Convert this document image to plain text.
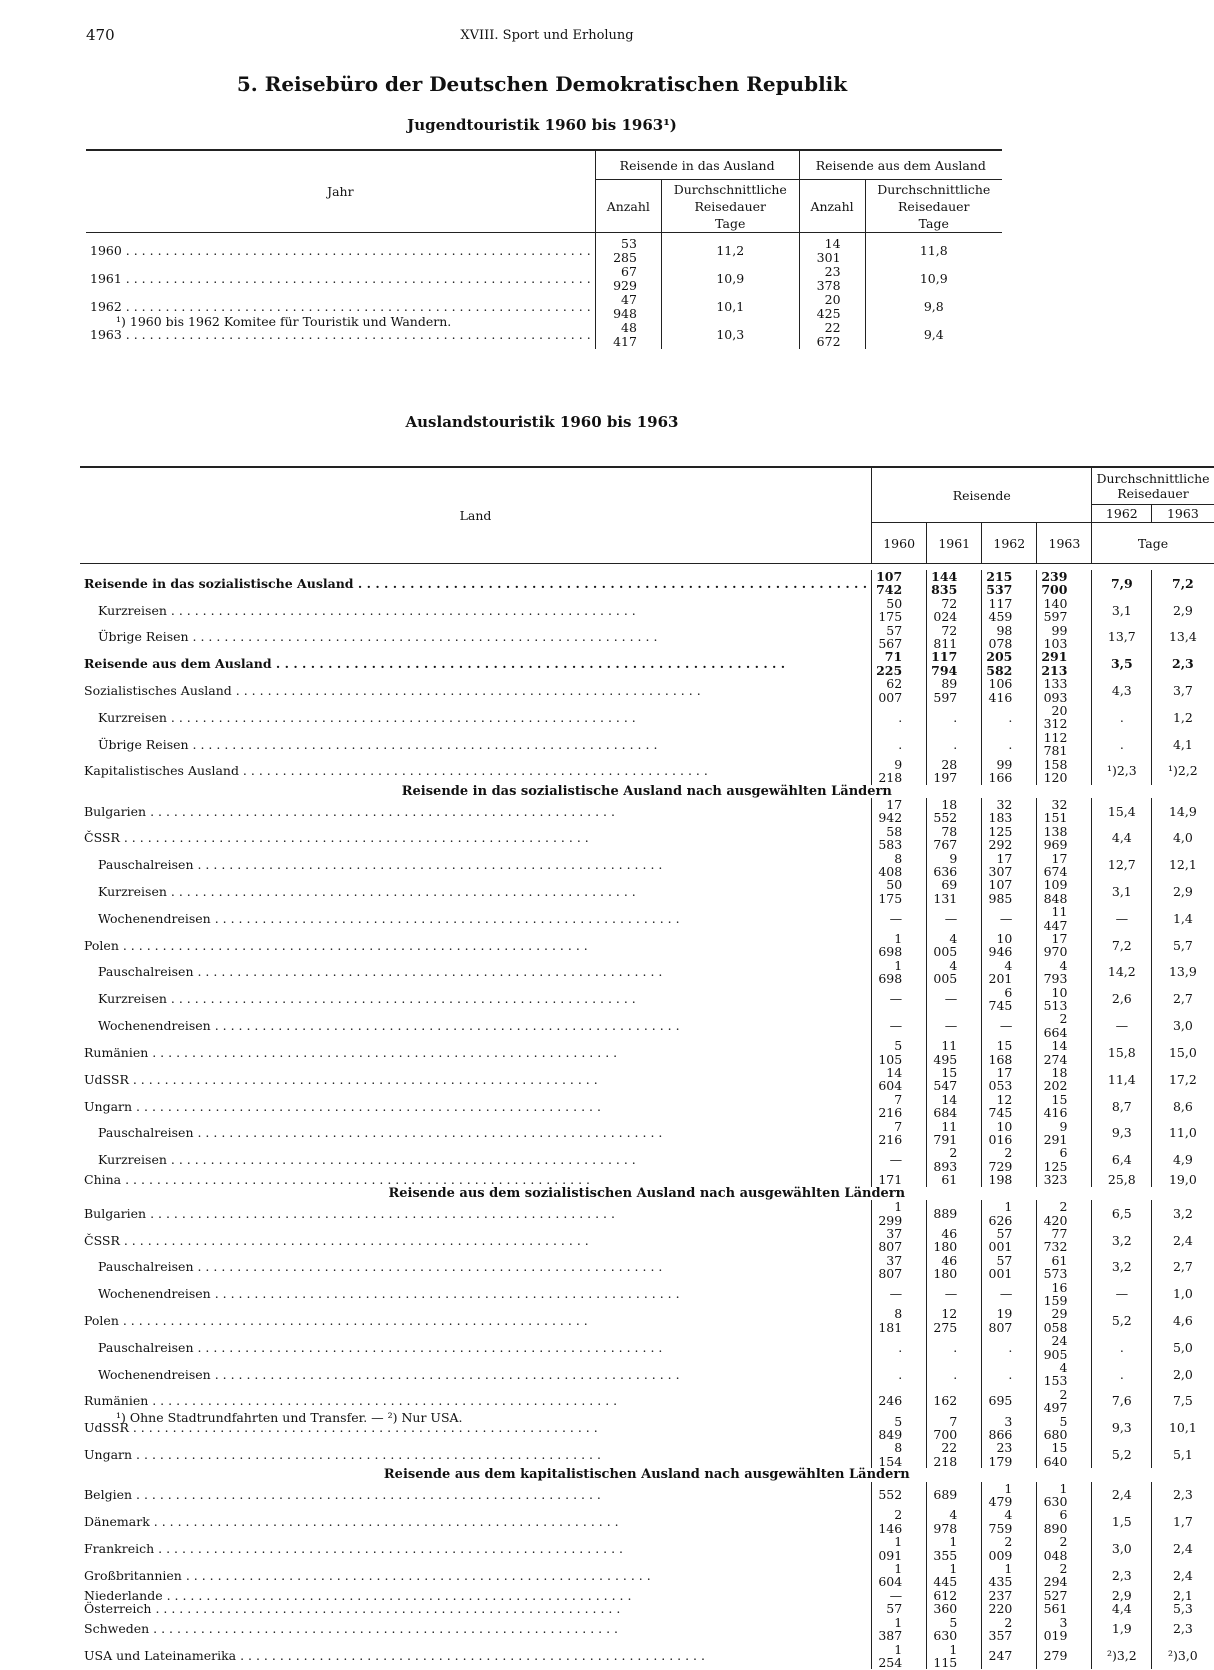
470	XVIII. Sport und Erholung
5. Reisebüro der Deutschen Demokratischen Republik
Jugendtouristik 1960 bis 1963¹)
Jahr	Reisende in das Ausland		Reisende aus dem Ausland	
	Anzahl	Durchschnittliche Reisedauer
Tage	Anzahl	Durchschnittliche Reisedauer
Tage
1960 . . .	53 285	11,2	14 301	11,8
1961 . . .	67 929	10,9	23 378	10,9
1962 . . .	47 948	10,1	20 425	9,8
1963 . . .	48 417	10,3	22 672	9,4
¹) 1960 bis 1962 Komitee für Touristik und Wandern.
Auslandstouristik 1960 bis 1963
Land	Reisende				Durchschnittliche Reisedauer	
					1962	1963
	1960	1961	1962	1963	Tage	

Reisende in das sozialistische Ausland . . .	107 742	144 835	215 537	239 700	7,9	7,2
Kurzreisen . . .	50 175	72 024	117 459	140 597	3,1	2,9
Übrige Reisen . . .	57 567	72 811	98 078	99 103	13,7	13,4
Reisende aus dem Ausland . . .	71 225	117 794	205 582	291 213	3,5	2,3
Sozialistisches Ausland . . .	62 007	89 597	106 416	133 093	4,3	3,7
Kurzreisen . . .	.	.	.	20 312	.	1,2
Übrige Reisen . . .	.	.	.	112 781	.	4,1
Kapitalistisches Ausland . . .	9 218	28 197	99 166	158 120	¹)2,3	¹)2,2
Reisende in das sozialistische Ausland nach ausgewählten Ländern						
Bulgarien . . .	17 942	18 552	32 183	32 151	15,4	14,9
ČSSR . . .	58 583	78 767	125 292	138 969	4,4	4,0
Pauschalreisen . . .	8 408	9 636	17 307	17 674	12,7	12,1
Kurzreisen . . .	50 175	69 131	107 985	109 848	3,1	2,9
Wochenendreisen . . .	—	—	—	11 447	—	1,4
Polen . . .	1 698	4 005	10 946	17 970	7,2	5,7
Pauschalreisen . . .	1 698	4 005	4 201	4 793	14,2	13,9
Kurzreisen . . .	—	—	6 745	10 513	2,6	2,7
Wochenendreisen . . .	—	—	—	2 664	—	3,0
Rumänien . . .	5 105	11 495	15 168	14 274	15,8	15,0
UdSSR . . .	14 604	15 547	17 053	18 202	11,4	17,2
Ungarn . . .	7 216	14 684	12 745	15 416	8,7	8,6
Pauschalreisen . . .	7 216	11 791	10 016	9 291	9,3	11,0
Kurzreisen . . .	—	2 893	2 729	6 125	6,4	4,9
China . . .	171	61	198	323	25,8	19,0
Reisende aus dem sozialistischen Ausland nach ausgewählten Ländern						
Bulgarien . . .	1 299	889	1 626	2 420	6,5	3,2
ČSSR . . .	37 807	46 180	57 001	77 732	3,2	2,4
Pauschalreisen . . .	37 807	46 180	57 001	61 573	3,2	2,7
Wochenendreisen . . .	—	—	—	16 159	—	1,0
Polen . . .	8 181	12 275	19 807	29 058	5,2	4,6
Pauschalreisen . . .	.	.	.	24 905	.	5,0
Wochenendreisen . . .	.	.	.	4 153	.	2,0
Rumänien . . .	246	162	695	2 497	7,6	7,5
UdSSR . . .	5 849	7 700	3 866	5 680	9,3	10,1
Ungarn . . .	8 154	22 218	23 179	15 640	5,2	5,1
Reisende aus dem kapitalistischen Ausland nach ausgewählten Ländern						
Belgien . . .	552	689	1 479	1 630	2,4	2,3
Dänemark . . .	2 146	4 978	4 759	6 890	1,5	1,7
Frankreich . . .	1 091	1 355	2 009	2 048	3,0	2,4
Großbritannien . . .	1 604	1 445	1 435	2 294	2,3	2,4
Niederlande . . .	—	612	237	527	2,9	2,1
Österreich . . .	57	360	220	561	4,4	5,3
Schweden . . .	1 387	5 630	2 357	3 019	1,9	2,3
USA und Lateinamerika . . .	1 254	1 115	247	279	²)3,2	²)3,0
¹) Ohne Stadtrundfahrten und Transfer. — ²) Nur USA.
